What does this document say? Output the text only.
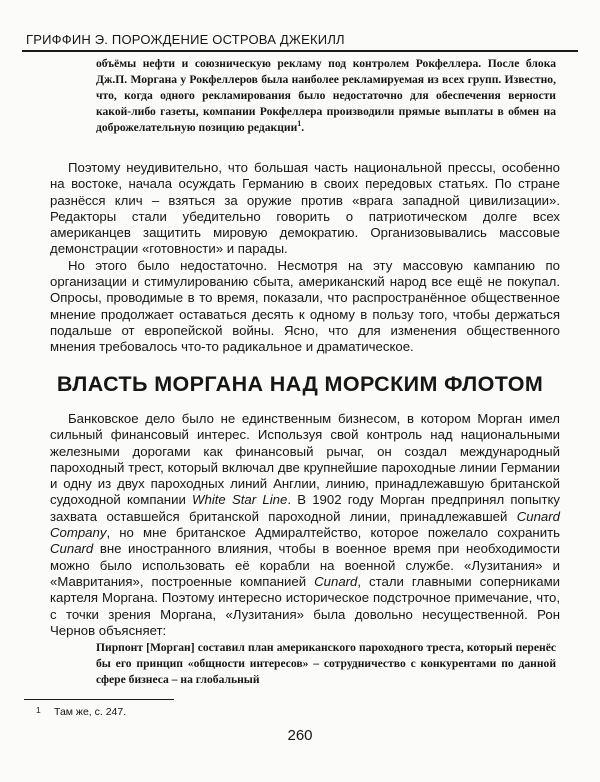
ГРИФФИН Э. ПОРОЖДЕНИЕ ОСТРОВА ДЖЕКИЛЛ
объёмы нефти и союзническую рекламу под контролем Рокфеллера. После блока Дж.П. Моргана у Рокфеллеров была наиболее рекламируемая из всех групп. Известно, что, когда одного рекламирования было недостаточно для обеспечения верности какой-либо газеты, компании Рокфеллера производили прямые выплаты в обмен на доброжелательную позицию редакции$^1$.

Поэтому неудивительно, что большая часть национальной прессы, особенно на востоке, начала осуждать Германию в своих передовых статьях. По стране разнёсся клич – взяться за оружие против «врага западной цивилизации». Редакторы стали убедительно говорить о патриотическом долге всех американцев защитить мировую демократию. Организовывались массовые демонстрации «готовности» и парады.

Но этого было недостаточно. Несмотря на эту массовую кампанию по организации и стимулированию сбыта, американский народ все ещё не покупал. Опросы, проводимые в то время, показали, что распространённое общественное мнение продолжает оставаться десять к одному в пользу того, чтобы держаться подальше от европейской войны. Ясно, что для изменения общественного мнения требовалось что-то радикальное и драматическое.

ВЛАСТЬ МОРГАНА НАД МОРСКИМ ФЛОТОМ

Банковское дело было не единственным бизнесом, в котором Морган имел сильный финансовый интерес. Используя свой контроль над национальными железными дорогами как финансовый рычаг, он создал международный пароходный трест, который включал две крупнейшие пароходные линии Германии и одну из двух пароходных линий Англии, линию, принадлежавшую британской судоходной компании White Star Line. В 1902 году Морган предпринял попытку захвата оставшейся британской пароходной линии, принадлежавшей Cunard Company, но мне британское Адмиралтейство, которое пожелало сохранить Cunard вне иностранного влияния, чтобы в военное время при необходимости можно было использовать её корабли на военной службе. «Лузитания» и «Мавритания», построенные компанией Cunard, стали главными соперниками картеля Моргана. Поэтому интересно историческое подстрочное примечание, что, с точки зрения Моргана, «Лузитания» была довольно несущественной. Рон Чернов объясняет:

Пирпонт [Морган] составил план американского пароходного треста, который перенёс бы его принцип «общности интересов» – сотрудничество с конкурентами по данной сфере бизнеса – на глобальный
1 Там же, с. 247.
260
